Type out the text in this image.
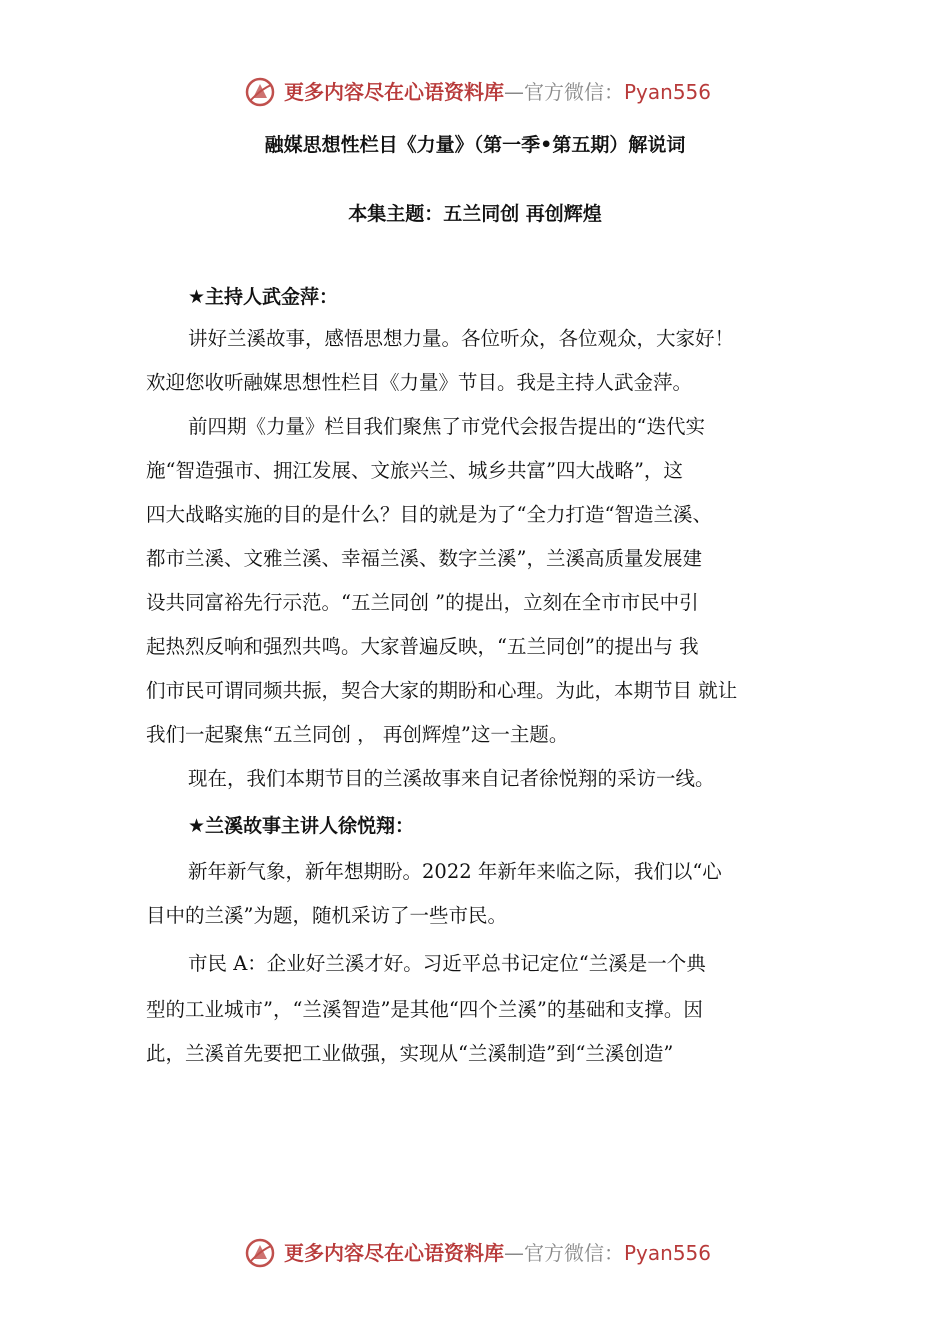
更多内容尽在心语资料库—官方微信：Pyan556
融媒思想性栏目《力量》（第一季•第五期）解说词
本集主题：五兰同创 再创辉煌
★主持人武金萍：
讲好兰溪故事，感悟思想力量。各位听众，各位观众，大家好！
欢迎您收听融媒思想性栏目《力量》节目。我是主持人武金萍。
前四期《力量》栏目我们聚焦了市党代会报告提出的“迭代实
施“智造强市、拥江发展、文旅兴兰、城乡共富”四大战略”，这
四大战略实施的目的是什么？目的就是为了“全力打造“智造兰溪、
都市兰溪、文雅兰溪、幸福兰溪、数字兰溪”，兰溪高质量发展建
设共同富裕先行示范。“五兰同创 ”的提出，立刻在全市市民中引
起热烈反响和强烈共鸣。大家普遍反映，“五兰同创”的提出与 我
们市民可谓同频共振，契合大家的期盼和心理。为此，本期节目 就让
我们一起聚焦“五兰同创 ， 再创辉煌”这一主题。
现在，我们本期节目的兰溪故事来自记者徐悦翔的采访一线。
★兰溪故事主讲人徐悦翔：
新年新气象，新年想期盼。2022 年新年来临之际，我们以“心
目中的兰溪”为题，随机采访了一些市民。
市民 A：企业好兰溪才好。习近平总书记定位“兰溪是一个典
型的工业城市”，“兰溪智造”是其他“四个兰溪”的基础和支撑。因
此，兰溪首先要把工业做强，实现从“兰溪制造”到“兰溪创造”
更多内容尽在心语资料库—官方微信：Pyan556
